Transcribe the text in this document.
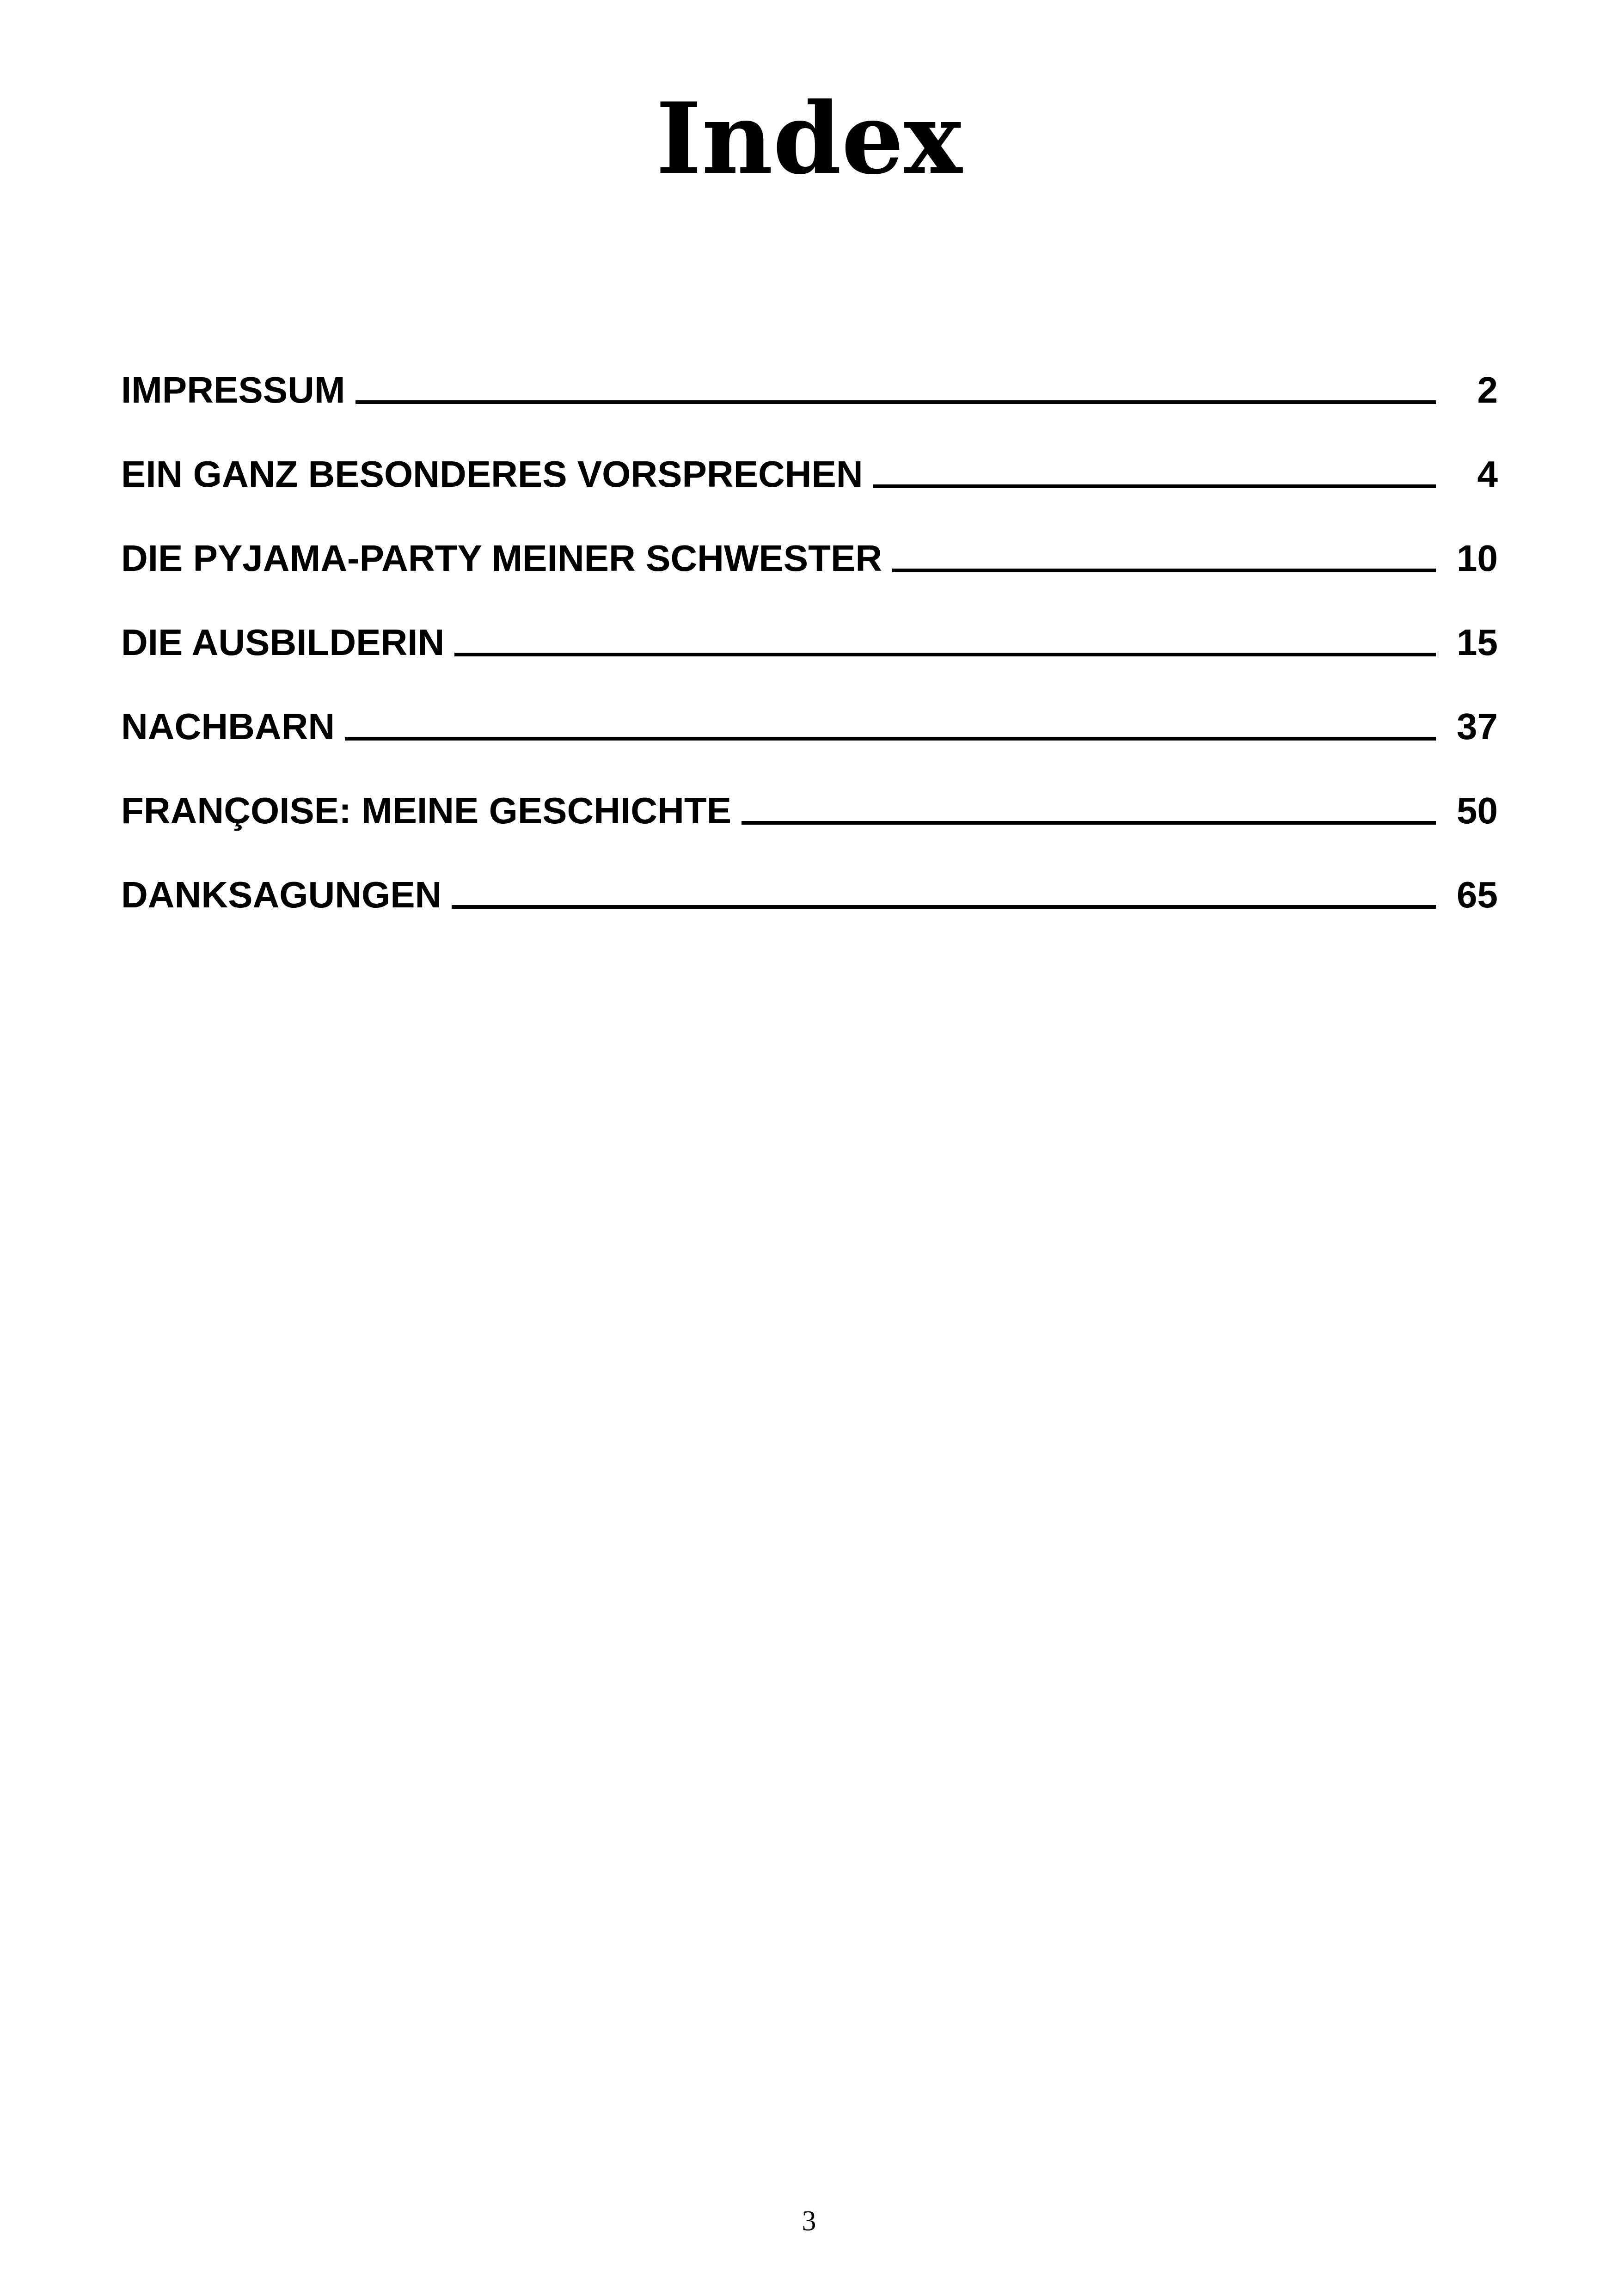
Index
IMPRESSUM	2
EIN GANZ BESONDERES VORSPRECHEN	4
DIE PYJAMA-PARTY MEINER SCHWESTER	10
DIE AUSBILDERIN	15
NACHBARN	37
FRANÇOISE: MEINE GESCHICHTE	50
DANKSAGUNGEN	65
3
